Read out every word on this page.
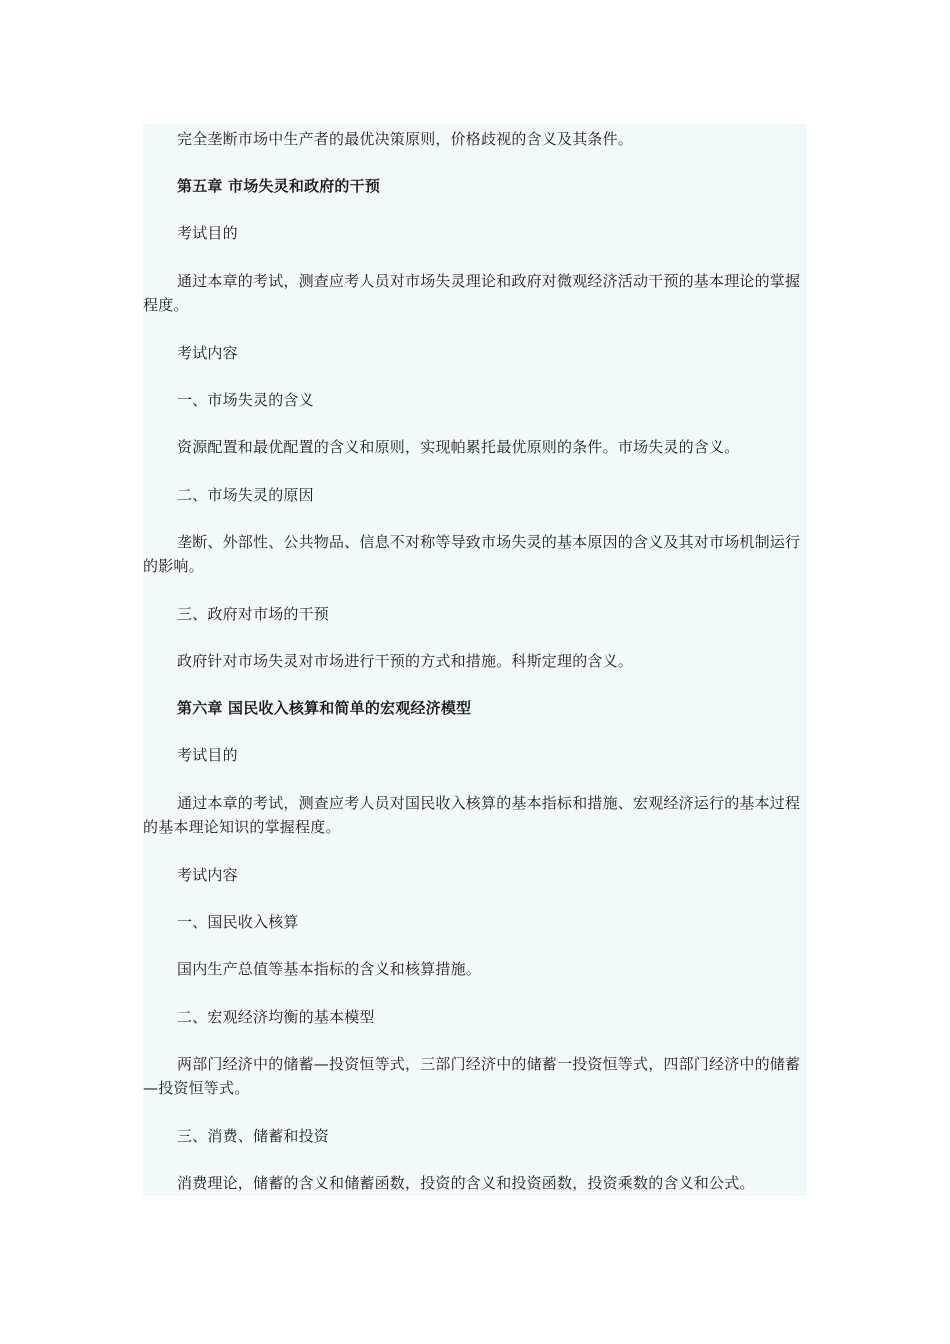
完全垄断市场中生产者的最优决策原则，价格歧视的含义及其条件。

第五章 市场失灵和政府的干预

考试目的

通过本章的考试，测查应考人员对市场失灵理论和政府对微观经济活动干预的基本理论的掌握程度。

考试内容

一、市场失灵的含义

资源配置和最优配置的含义和原则，实现帕累托最优原则的条件。市场失灵的含义。

二、市场失灵的原因

垄断、外部性、公共物品、信息不对称等导致市场失灵的基本原因的含义及其对市场机制运行的影响。

三、政府对市场的干预

政府针对市场失灵对市场进行干预的方式和措施。科斯定理的含义。

第六章 国民收入核算和简单的宏观经济模型

考试目的

通过本章的考试，测查应考人员对国民收入核算的基本指标和措施、宏观经济运行的基本过程的基本理论知识的掌握程度。

考试内容

一、国民收入核算

国内生产总值等基本指标的含义和核算措施。

二、宏观经济均衡的基本模型

两部门经济中的储蓄—投资恒等式，三部门经济中的储蓄一投资恒等式，四部门经济中的储蓄—投资恒等式。

三、消费、储蓄和投资

消费理论，储蓄的含义和储蓄函数，投资的含义和投资函数，投资乘数的含义和公式。
